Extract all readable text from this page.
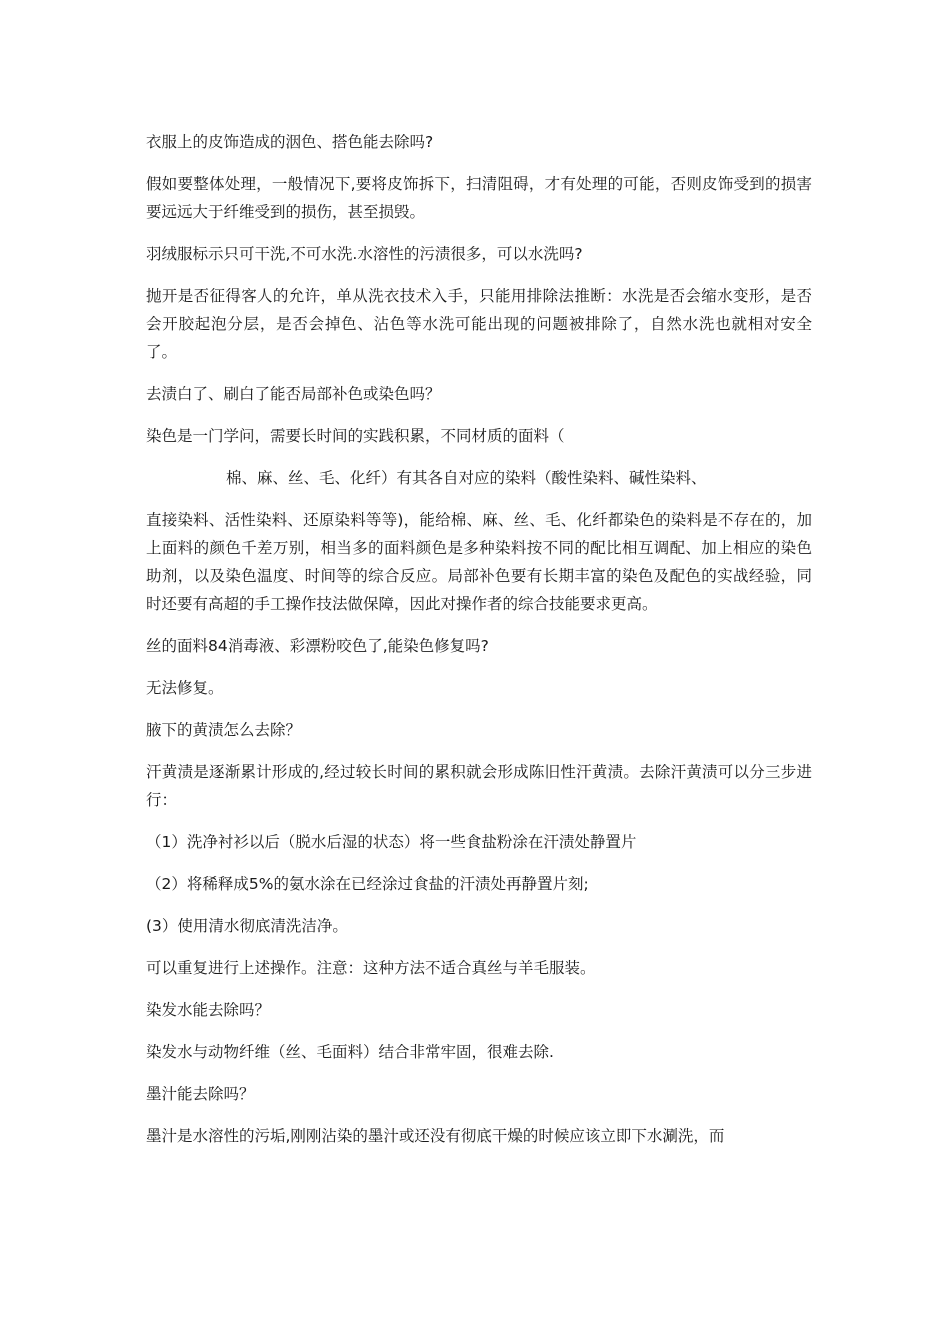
衣服上的皮饰造成的洇色、搭色能去除吗?

假如要整体处理，一般情况下,要将皮饰拆下，扫清阻碍，才有处理的可能，否则皮饰受到的损害要远远大于纤维受到的损伤，甚至损毁。

羽绒服标示只可干洗,不可水洗.水溶性的污渍很多，可以水洗吗?

抛开是否征得客人的允许，单从洗衣技术入手，只能用排除法推断：水洗是否会缩水变形，是否会开胶起泡分层，是否会掉色、沾色等水洗可能出现的问题被排除了，自然水洗也就相对安全了。

去渍白了、刷白了能否局部补色或染色吗？

染色是一门学问，需要长时间的实践积累，不同材质的面料（

棉、麻、丝、毛、化纤）有其各自对应的染料（酸性染料、碱性染料、

直接染料、活性染料、还原染料等等)，能给棉、麻、丝、毛、化纤都染色的染料是不存在的，加上面料的颜色千差万别，相当多的面料颜色是多种染料按不同的配比相互调配、加上相应的染色助剂，以及染色温度、时间等的综合反应。局部补色要有长期丰富的染色及配色的实战经验，同时还要有高超的手工操作技法做保障，因此对操作者的综合技能要求更高。

丝的面料84消毒液、彩漂粉咬色了,能染色修复吗?

无法修复。

腋下的黄渍怎么去除？

汗黄渍是逐渐累计形成的,经过较长时间的累积就会形成陈旧性汗黄渍。去除汗黄渍可以分三步进行：

（1）洗净衬衫以后（脱水后湿的状态）将一些食盐粉涂在汗渍处静置片

（2）将稀释成5%的氨水涂在已经涂过食盐的汗渍处再静置片刻;

(3）使用清水彻底清洗洁净。

可以重复进行上述操作。注意：这种方法不适合真丝与羊毛服装。

染发水能去除吗？

染发水与动物纤维（丝、毛面料）结合非常牢固，很难去除.

墨汁能去除吗？

墨汁是水溶性的污垢,刚刚沾染的墨汁或还没有彻底干燥的时候应该立即下水涮洗，而
